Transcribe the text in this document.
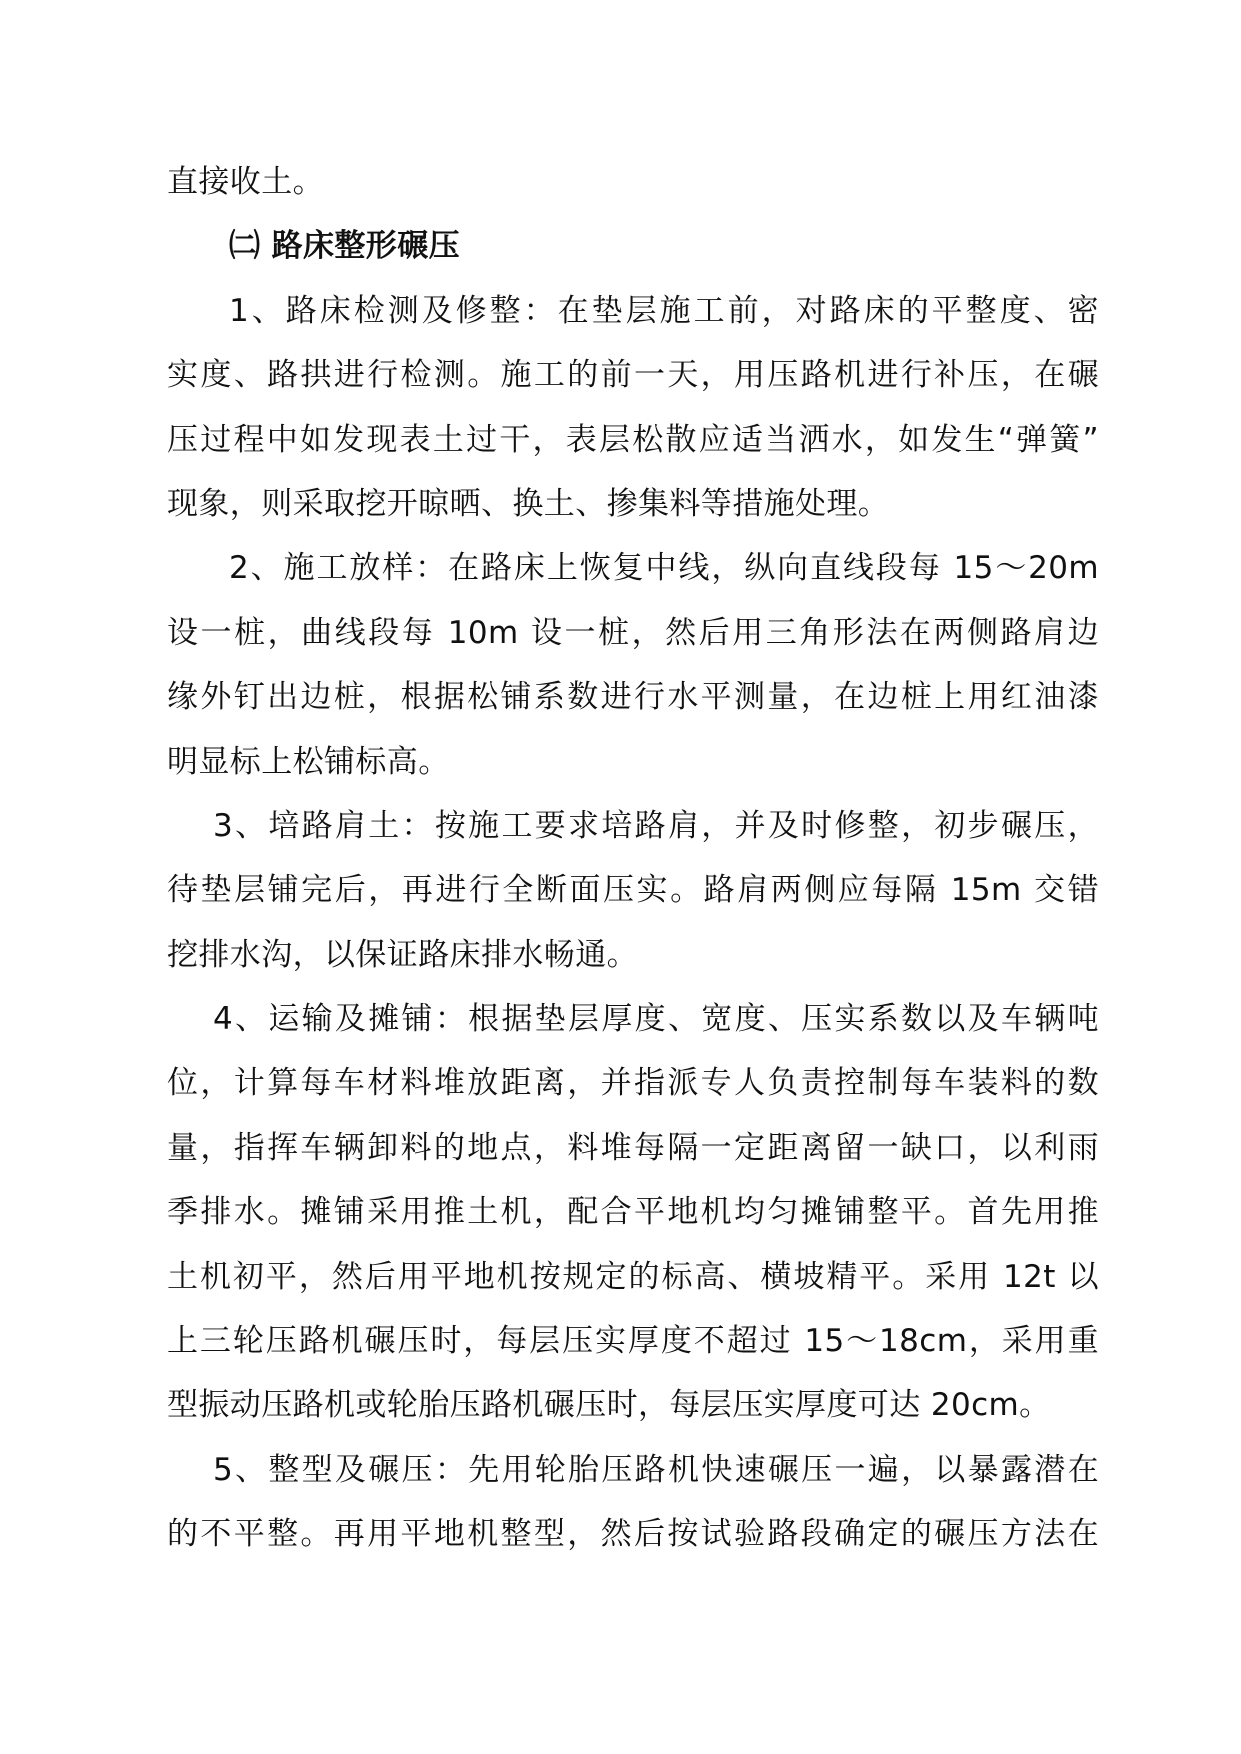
直接收土。
㈡ 路床整形碾压
1、路床检测及修整：在垫层施工前，对路床的平整度、密
实度、路拱进行检测。施工的前一天，用压路机进行补压，在碾
压过程中如发现表土过干，表层松散应适当洒水，如发生“弹簧”
现象，则采取挖开晾晒、换土、掺集料等措施处理。
2、施工放样：在路床上恢复中线，纵向直线段每 15～20m
设一桩，曲线段每 10m 设一桩，然后用三角形法在两侧路肩边
缘外钉出边桩，根据松铺系数进行水平测量，在边桩上用红油漆
明显标上松铺标高。
3、培路肩土：按施工要求培路肩，并及时修整，初步碾压，
待垫层铺完后，再进行全断面压实。路肩两侧应每隔 15m 交错
挖排水沟，以保证路床排水畅通。
4、运输及摊铺：根据垫层厚度、宽度、压实系数以及车辆吨
位，计算每车材料堆放距离，并指派专人负责控制每车装料的数
量，指挥车辆卸料的地点，料堆每隔一定距离留一缺口，以利雨
季排水。摊铺采用推土机，配合平地机均匀摊铺整平。首先用推
土机初平，然后用平地机按规定的标高、横坡精平。采用 12t 以
上三轮压路机碾压时，每层压实厚度不超过 15～18cm，采用重
型振动压路机或轮胎压路机碾压时，每层压实厚度可达 20cm。
5、整型及碾压：先用轮胎压路机快速碾压一遍，以暴露潜在
的不平整。再用平地机整型，然后按试验路段确定的碾压方法在
